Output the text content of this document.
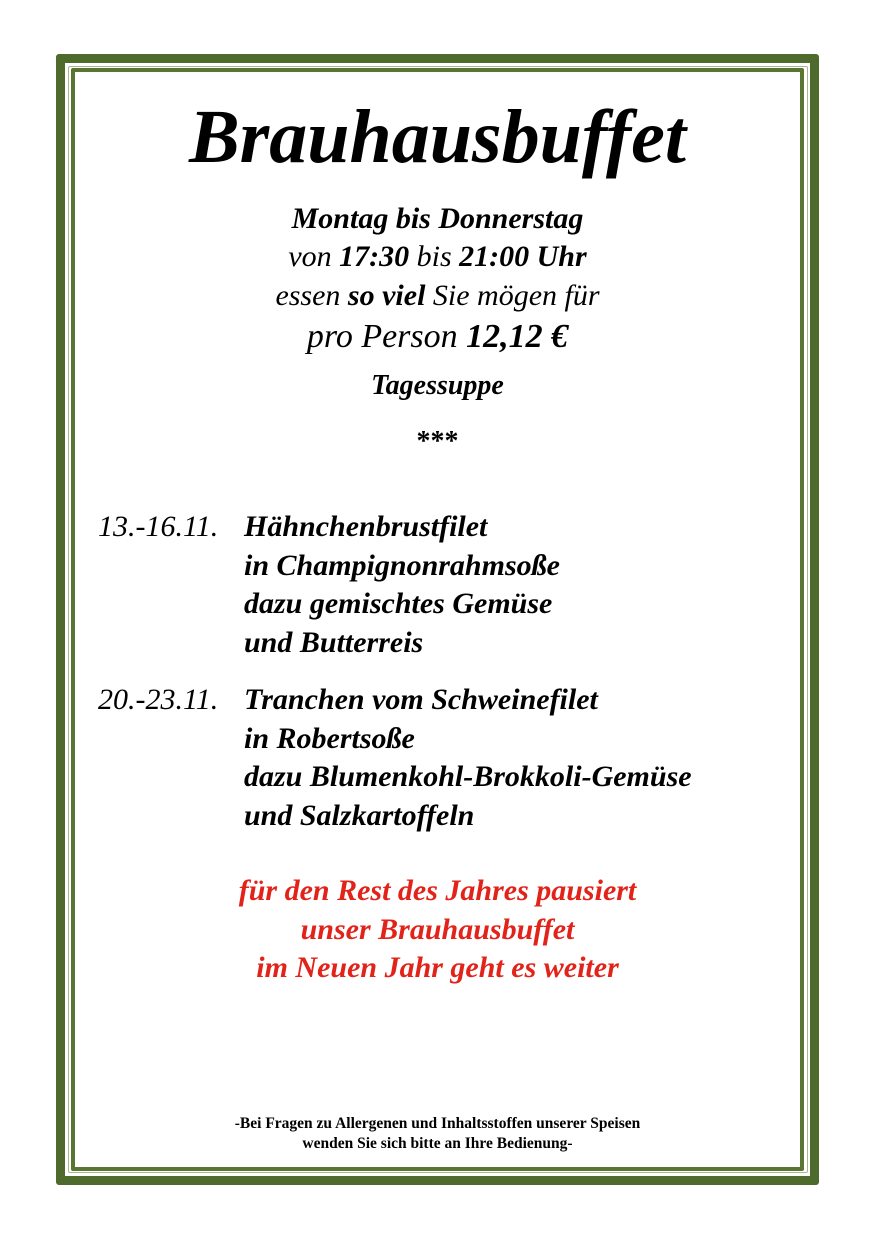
Brauhausbuffet
Montag bis Donnerstag
von 17:30 bis 21:00 Uhr
essen so viel Sie mögen für
pro Person 12,12 €
Tagessuppe
***
13.-16.11. Hähnchenbrustfilet
in Champignonrahmsoße
dazu gemischtes Gemüse
und Butterreis
20.-23.11. Tranchen vom Schweinefilet
in Robertsoße
dazu Blumenkohl-Brokkoli-Gemüse
und Salzkartoffeln
für den Rest des Jahres pausiert
unser Brauhausbuffet
im Neuen Jahr geht es weiter
-Bei Fragen zu Allergenen und Inhaltsstoffen unserer Speisen
wenden Sie sich bitte an Ihre Bedienung-
